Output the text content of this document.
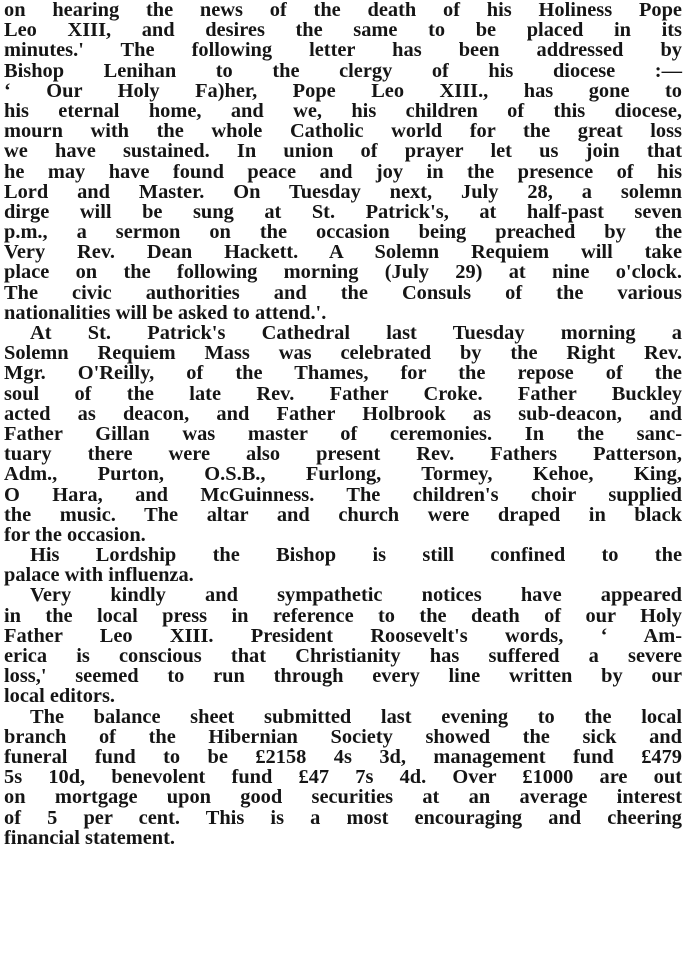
on hearing the news of the death of his Holiness Pope
Leo XIII, and desires the same to be placed in its
minutes.' The following letter has been addressed by
Bishop Lenihan to the clergy of his diocese :—
‘ Our Holy Fa)her, Pope Leo XIII., has gone to
his eternal home, and we, his children of this diocese,
mourn with the whole Catholic world for the great loss
we have sustained. In union of prayer let us join that
he may have found peace and joy in the presence of his
Lord and Master. On Tuesday next, July 28, a solemn
dirge will be sung at St. Patrick's, at half-past seven
p.m., a sermon on the occasion being preached by the
Very Rev. Dean Hackett. A Solemn Requiem will take
place on the following morning (July 29) at nine o'clock.
The civic authorities and the Consuls of the various
nationalities will be asked to attend.'.
At St. Patrick's Cathedral last Tuesday morning a
Solemn Requiem Mass was celebrated by the Right Rev.
Mgr. O'Reilly, of the Thames, for the repose of the
soul of the late Rev. Father Croke. Father Buckley
acted as deacon, and Father Holbrook as sub-deacon, and
Father Gillan was master of ceremonies. In the sanc-
tuary there were also present Rev. Fathers Patterson,
Adm., Purton, O.S.B., Furlong, Tormey, Kehoe, King,
O Hara, and McGuinness. The children's choir supplied
the music. The altar and church were draped in black
for the occasion.
His Lordship the Bishop is still confined to the
palace with influenza.
Very kindly and sympathetic notices have appeared
in the local press in reference to the death of our Holy
Father Leo XIII. President Roosevelt's words, ‘ Am-
erica is conscious that Christianity has suffered a severe
loss,' seemed to run through every line written by our
local editors.
The balance sheet submitted last evening to the local
branch of the Hibernian Society showed the sick and
funeral fund to be £2158 4s 3d, management fund £479
5s 10d, benevolent fund £47 7s 4d. Over £1000 are out
on mortgage upon good securities at an average interest
of 5 per cent. This is a most encouraging and cheering
financial statement.
